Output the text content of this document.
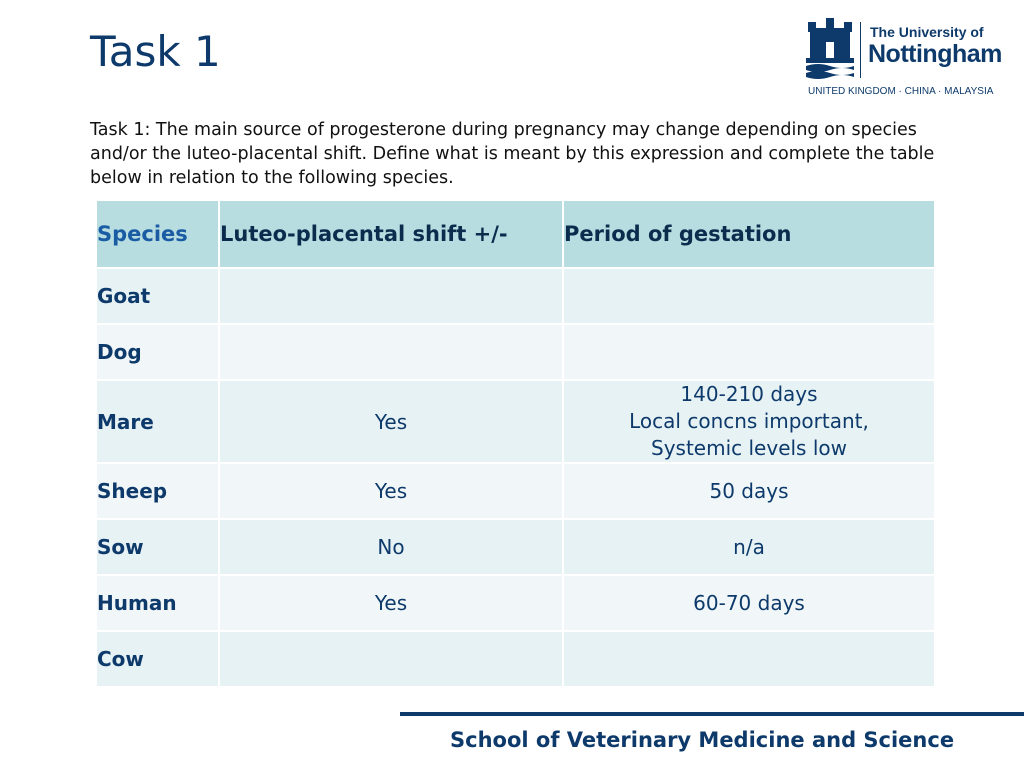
Task 1	The University of
Nottingham
UNITED KINGDOM · CHINA · MALAYSIA

Task 1: The main source of progesterone during pregnancy may change depending on species and/or the luteo-placental shift. Define what is meant by this expression and complete the table below in relation to the following species.

Species	Luteo-placental shift +/-	Period of gestation
Goat		
Dog		
Mare	Yes	140-210 days
Local concns important,
Systemic levels low
Sheep	Yes	50 days
Sow	No	n/a
Human	Yes	60-70 days
Cow		
School of Veterinary Medicine and Science
